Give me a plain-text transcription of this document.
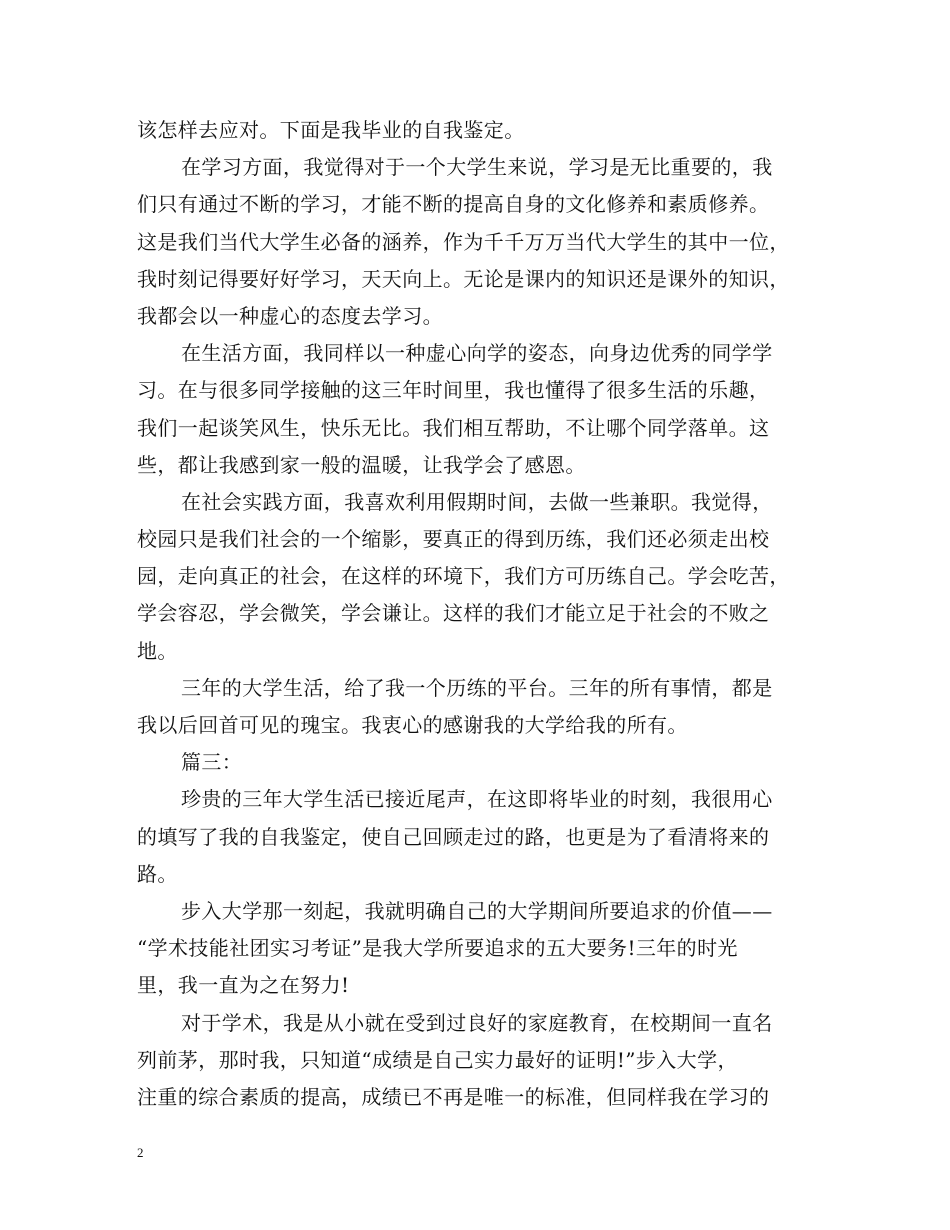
该怎样去应对。下面是我毕业的自我鉴定。
在学习方面，我觉得对于一个大学生来说，学习是无比重要的，我
们只有通过不断的学习，才能不断的提高自身的文化修养和素质修养。
这是我们当代大学生必备的涵养，作为千千万万当代大学生的其中一位，
我时刻记得要好好学习，天天向上。无论是课内的知识还是课外的知识，
我都会以一种虚心的态度去学习。
在生活方面，我同样以一种虚心向学的姿态，向身边优秀的同学学
习。在与很多同学接触的这三年时间里，我也懂得了很多生活的乐趣，
我们一起谈笑风生，快乐无比。我们相互帮助，不让哪个同学落单。这
些，都让我感到家一般的温暖，让我学会了感恩。
在社会实践方面，我喜欢利用假期时间，去做一些兼职。我觉得，
校园只是我们社会的一个缩影，要真正的得到历练，我们还必须走出校
园，走向真正的社会，在这样的环境下，我们方可历练自己。学会吃苦，
学会容忍，学会微笑，学会谦让。这样的我们才能立足于社会的不败之
地。
三年的大学生活，给了我一个历练的平台。三年的所有事情，都是
我以后回首可见的瑰宝。我衷心的感谢我的大学给我的所有。
篇三：
珍贵的三年大学生活已接近尾声，在这即将毕业的时刻，我很用心
的填写了我的自我鉴定，使自己回顾走过的路，也更是为了看清将来的
路。
步入大学那一刻起，我就明确自己的大学期间所要追求的价值——
“学术技能社团实习考证”是我大学所要追求的五大要务!三年的时光
里，我一直为之在努力!
对于学术，我是从小就在受到过良好的家庭教育，在校期间一直名
列前茅，那时我，只知道“成绩是自己实力最好的证明!”步入大学，
注重的综合素质的提高，成绩已不再是唯一的标准，但同样我在学习的
2
